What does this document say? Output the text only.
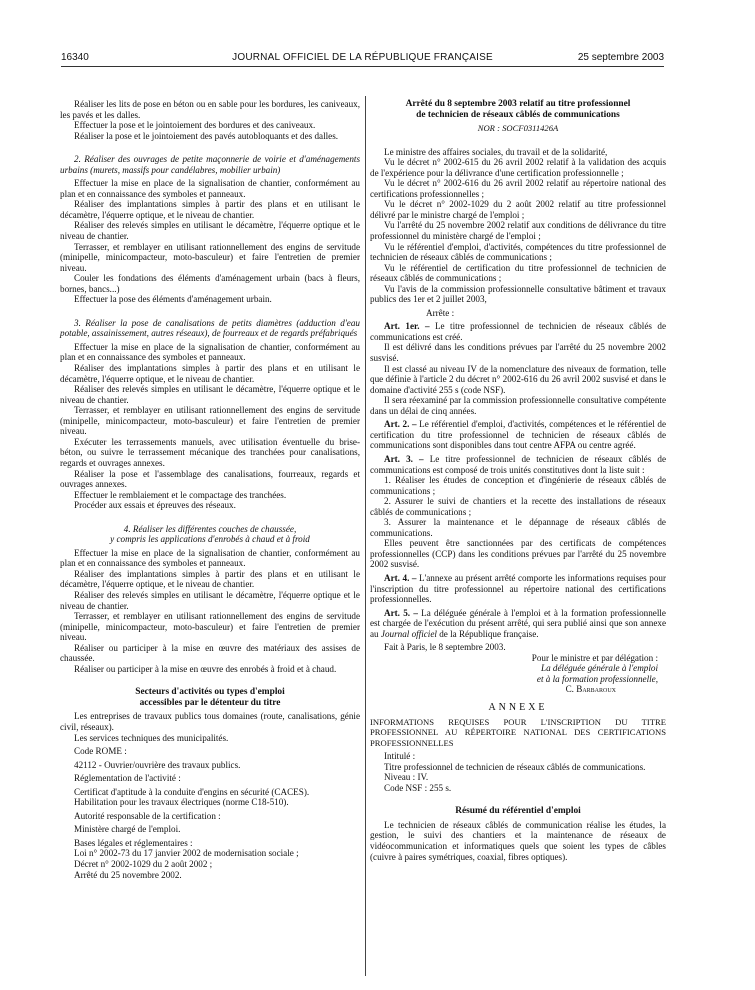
16340	JOURNAL OFFICIEL DE LA RÉPUBLIQUE FRANÇAISE	25 septembre 2003

Réaliser les lits de pose en béton ou en sable pour les bordures, les caniveaux, les pavés et les dalles.

Effectuer la pose et le jointoiement des bordures et des caniveaux.

Réaliser la pose et le jointoiement des pavés autobloquants et des dalles.

2. Réaliser des ouvrages de petite maçonnerie de voirie et d'aménagements urbains (murets, massifs pour candélabres, mobilier urbain)

Effectuer la mise en place de la signalisation de chantier, conformément au plan et en connaissance des symboles et panneaux.

Réaliser des implantations simples à partir des plans et en utilisant le décamètre, l'équerre optique, et le niveau de chantier.

Réaliser des relevés simples en utilisant le décamètre, l'équerre optique et le niveau de chantier.

Terrasser, et remblayer en utilisant rationnellement des engins de servitude (minipelle, minicompacteur, moto-basculeur) et faire l'entretien de premier niveau.

Couler les fondations des éléments d'aménagement urbain (bacs à fleurs, bornes, bancs...)

Effectuer la pose des éléments d'aménagement urbain.

3. Réaliser la pose de canalisations de petits diamètres (adduction d'eau potable, assainissement, autres réseaux), de fourreaux et de regards préfabriqués

Effectuer la mise en place de la signalisation de chantier, conformément au plan et en connaissance des symboles et panneaux.

Réaliser des implantations simples à partir des plans et en utilisant le décamètre, l'équerre optique, et le niveau de chantier.

Réaliser des relevés simples en utilisant le décamètre, l'équerre optique et le niveau de chantier.

Terrasser, et remblayer en utilisant rationnellement des engins de servitude (minipelle, minicompacteur, moto-basculeur) et faire l'entretien de premier niveau.

Exécuter les terrassements manuels, avec utilisation éventuelle du brise-béton, ou suivre le terrassement mécanique des tranchées pour canalisations, regards et ouvrages annexes.

Réaliser la pose et l'assemblage des canalisations, fourreaux, regards et ouvrages annexes.

Effectuer le remblaiement et le compactage des tranchées.

Procéder aux essais et épreuves des réseaux.

4. Réaliser les différentes couches de chaussée,

y compris les applications d'enrobés à chaud et à froid

Effectuer la mise en place de la signalisation de chantier, conformément au plan et en connaissance des symboles et panneaux.

Réaliser des implantations simples à partir des plans et en utilisant le décamètre, l'équerre optique, et le niveau de chantier.

Réaliser des relevés simples en utilisant le décamètre, l'équerre optique et le niveau de chantier.

Terrasser, et remblayer en utilisant rationnellement des engins de servitude (minipelle, minicompacteur, moto-basculeur) et faire l'entretien de premier niveau.

Réaliser ou participer à la mise en œuvre des matériaux des assises de chaussée.

Réaliser ou participer à la mise en œuvre des enrobés à froid et à chaud.

Secteurs d'activités ou types d'emploi

accessibles par le détenteur du titre

Les entreprises de travaux publics tous domaines (route, canalisations, génie civil, réseaux).

Les services techniques des municipalités.

Code ROME :

42112 - Ouvrier/ouvrière des travaux publics.

Réglementation de l'activité :

Certificat d'aptitude à la conduite d'engins en sécurité (CACES).

Habilitation pour les travaux électriques (norme C18-510).

Autorité responsable de la certification :

Ministère chargé de l'emploi.

Bases légales et réglementaires :

Loi n° 2002-73 du 17 janvier 2002 de modernisation sociale ;

Décret n° 2002-1029 du 2 août 2002 ;

Arrêté du 25 novembre 2002.

Arrêté du 8 septembre 2003 relatif au titre professionnel

de technicien de réseaux câblés de communications

NOR : SOCF0311426A

Le ministre des affaires sociales, du travail et de la solidarité,

Vu le décret n° 2002-615 du 26 avril 2002 relatif à la validation des acquis de l'expérience pour la délivrance d'une certification professionnelle ;

Vu le décret n° 2002-616 du 26 avril 2002 relatif au répertoire national des certifications professionnelles ;

Vu le décret n° 2002-1029 du 2 août 2002 relatif au titre professionnel délivré par le ministre chargé de l'emploi ;

Vu l'arrêté du 25 novembre 2002 relatif aux conditions de délivrance du titre professionnel du ministère chargé de l'emploi ;

Vu le référentiel d'emploi, d'activités, compétences du titre professionnel de technicien de réseaux câblés de communications ;

Vu le référentiel de certification du titre professionnel de technicien de réseaux câblés de communications ;

Vu l'avis de la commission professionnelle consultative bâtiment et travaux publics des 1er et 2 juillet 2003,

Arrête :

Art. 1er. – Le titre professionnel de technicien de réseaux câblés de communications est créé.

Il est délivré dans les conditions prévues par l'arrêté du 25 novembre 2002 susvisé.

Il est classé au niveau IV de la nomenclature des niveaux de formation, telle que définie à l'article 2 du décret n° 2002-616 du 26 avril 2002 susvisé et dans le domaine d'activité 255 s (code NSF).

Il sera réexaminé par la commission professionnelle consultative compétente dans un délai de cinq années.

Art. 2. – Le référentiel d'emploi, d'activités, compétences et le référentiel de certification du titre professionnel de technicien de réseaux câblés de communications sont disponibles dans tout centre AFPA ou centre agréé.

Art. 3. – Le titre professionnel de technicien de réseaux câblés de communications est composé de trois unités constitutives dont la liste suit :

1. Réaliser les études de conception et d'ingénierie de réseaux câblés de communications ;

2. Assurer le suivi de chantiers et la recette des installations de réseaux câblés de communications ;

3. Assurer la maintenance et le dépannage de réseaux câblés de communications.

Elles peuvent être sanctionnées par des certificats de compétences professionnelles (CCP) dans les conditions prévues par l'arrêté du 25 novembre 2002 susvisé.

Art. 4. – L'annexe au présent arrêté comporte les informations requises pour l'inscription du titre professionnel au répertoire national des certifications professionnelles.

Art. 5. – La déléguée générale à l'emploi et à la formation professionnelle est chargée de l'exécution du présent arrêté, qui sera publié ainsi que son annexe au Journal officiel de la République française.

Fait à Paris, le 8 septembre 2003.

Pour le ministre et par délégation :

La déléguée générale à l'emploi

et à la formation professionnelle,

C. Barbaroux

ANNEXE

INFORMATIONS REQUISES POUR L'INSCRIPTION DU TITRE PROFESSIONNEL AU RÉPERTOIRE NATIONAL DES CERTIFICATIONS PROFESSIONNELLES

Intitulé :

Titre professionnel de technicien de réseaux câblés de communications.

Niveau : IV.

Code NSF : 255 s.

Résumé du référentiel d'emploi

Le technicien de réseaux câblés de communication réalise les études, la gestion, le suivi des chantiers et la maintenance de réseaux de vidéocommunication et informatiques quels que soient les types de câbles (cuivre à paires symétriques, coaxial, fibres optiques).
